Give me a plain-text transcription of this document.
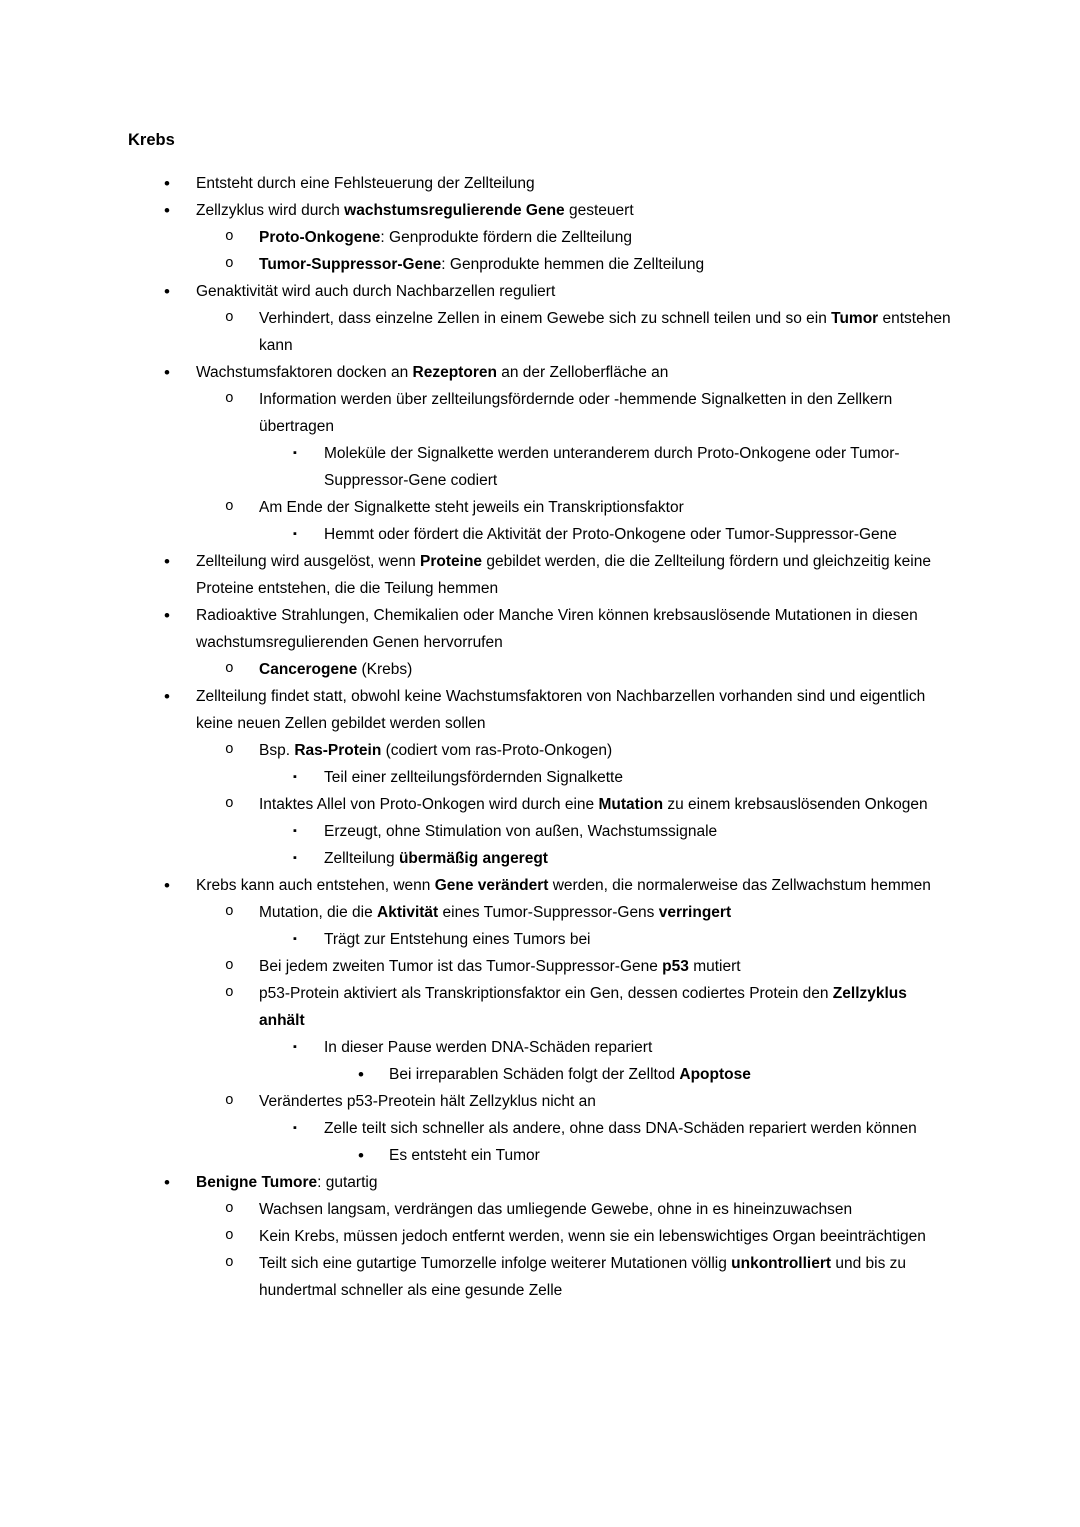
Krebs
•	Entsteht durch eine Fehlsteuerung der Zellteilung
•	Zellzyklus wird durch wachstumsregulierende Gene gesteuert
o	Proto-Onkogene: Genprodukte fördern die Zellteilung
o	Tumor-Suppressor-Gene: Genprodukte hemmen die Zellteilung
•	Genaktivität wird auch durch Nachbarzellen reguliert
o	Verhindert, dass einzelne Zellen in einem Gewebe sich zu schnell teilen und so ein Tumor entstehen kann
•	Wachstumsfaktoren docken an Rezeptoren an der Zelloberfläche an
o	Information werden über zellteilungsfördernde oder -hemmende Signalketten in den Zellkern übertragen
▪	Moleküle der Signalkette werden unteranderem durch Proto-Onkogene oder Tumor-Suppressor-Gene codiert
o	Am Ende der Signalkette steht jeweils ein Transkriptionsfaktor
▪	Hemmt oder fördert die Aktivität der Proto-Onkogene oder Tumor-Suppressor-Gene
•	Zellteilung wird ausgelöst, wenn Proteine gebildet werden, die die Zellteilung fördern und gleichzeitig keine Proteine entstehen, die die Teilung hemmen
•	Radioaktive Strahlungen, Chemikalien oder Manche Viren können krebsauslösende Mutationen in diesen wachstumsregulierenden Genen hervorrufen
o	Cancerogene (Krebs)
•	Zellteilung findet statt, obwohl keine Wachstumsfaktoren von Nachbarzellen vorhanden sind und eigentlich keine neuen Zellen gebildet werden sollen
o	Bsp. Ras-Protein (codiert vom ras-Proto-Onkogen)
▪	Teil einer zellteilungsfördernden Signalkette
o	Intaktes Allel von Proto-Onkogen wird durch eine Mutation zu einem krebsauslösenden Onkogen
▪	Erzeugt, ohne Stimulation von außen, Wachstumssignale
▪	Zellteilung übermäßig angeregt
•	Krebs kann auch entstehen, wenn Gene verändert werden, die normalerweise das Zellwachstum hemmen
o	Mutation, die die Aktivität eines Tumor-Suppressor-Gens verringert
▪	Trägt zur Entstehung eines Tumors bei
o	Bei jedem zweiten Tumor ist das Tumor-Suppressor-Gene p53 mutiert
o	p53-Protein aktiviert als Transkriptionsfaktor ein Gen, dessen codiertes Protein den Zellzyklus anhält
▪	In dieser Pause werden DNA-Schäden repariert
•	Bei irreparablen Schäden folgt der Zelltod Apoptose
o	Verändertes p53-Preotein hält Zellzyklus nicht an
▪	Zelle teilt sich schneller als andere, ohne dass DNA-Schäden repariert werden können
•	Es entsteht ein Tumor
•	Benigne Tumore: gutartig
o	Wachsen langsam, verdrängen das umliegende Gewebe, ohne in es hineinzuwachsen
o	Kein Krebs, müssen jedoch entfernt werden, wenn sie ein lebenswichtiges Organ beeinträchtigen
o	Teilt sich eine gutartige Tumorzelle infolge weiterer Mutationen völlig unkontrolliert und bis zu hundertmal schneller als eine gesunde Zelle
